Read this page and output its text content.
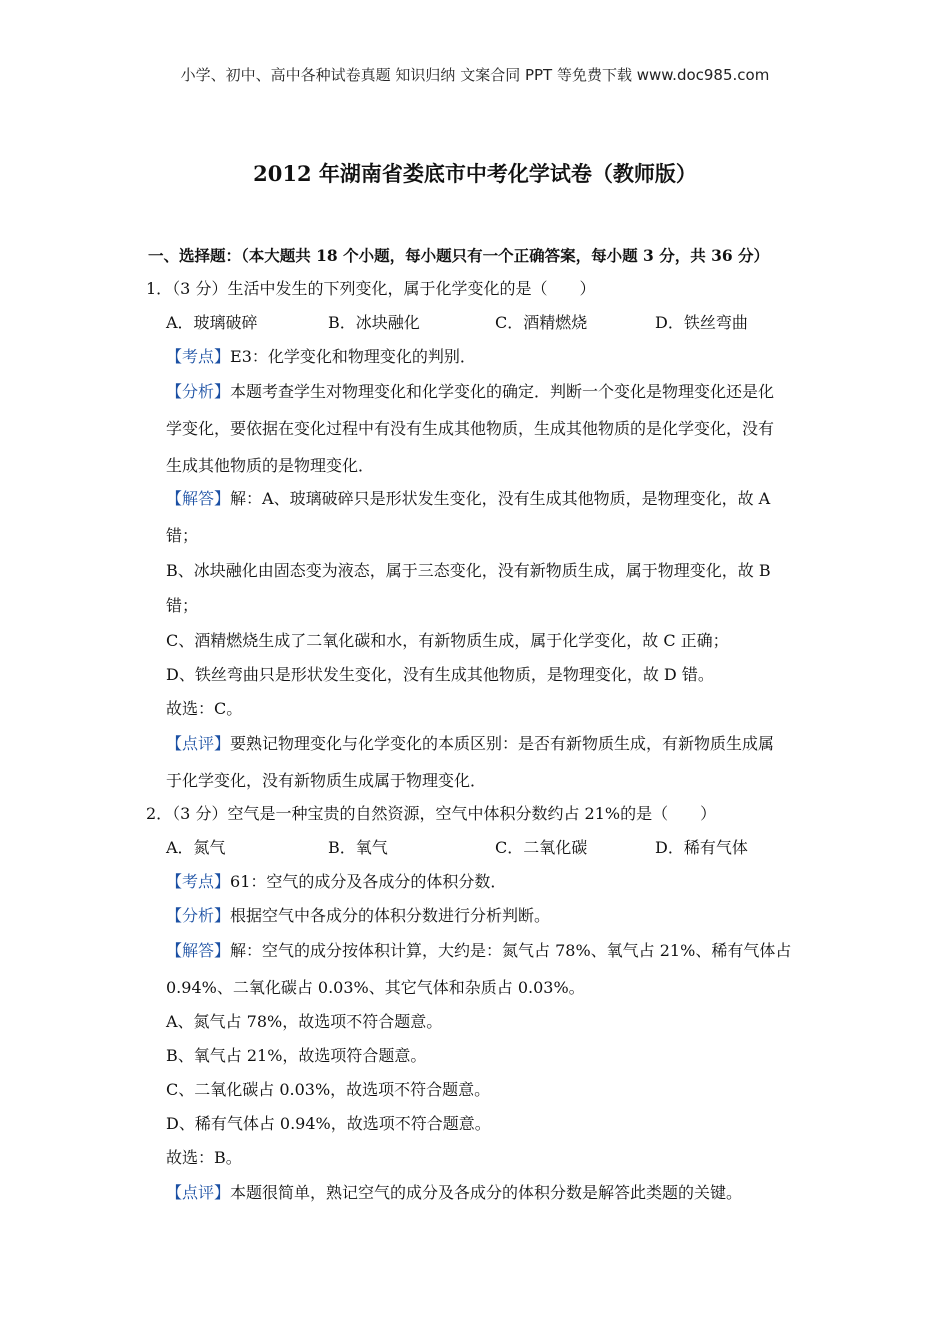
小学、初中、高中各种试卷真题 知识归纳 文案合同 PPT 等免费下载 www.doc985.com
2012 年湖南省娄底市中考化学试卷（教师版）
一、选择题：（本大题共 18 个小题，每小题只有一个正确答案，每小题 3 分，共 36 分）
1．（3 分）生活中发生的下列变化，属于化学变化的是（　　）
A．玻璃破碎	B．冰块融化	C．酒精燃烧	D．铁丝弯曲
【考点】E3：化学变化和物理变化的判别．
【分析】本题考查学生对物理变化和化学变化的确定．判断一个变化是物理变化还是化
学变化，要依据在变化过程中有没有生成其他物质，生成其他物质的是化学变化，没有
生成其他物质的是物理变化．
【解答】解：A、玻璃破碎只是形状发生变化，没有生成其他物质，是物理变化，故 A
错；
B、冰块融化由固态变为液态，属于三态变化，没有新物质生成，属于物理变化，故 B
错；
C、酒精燃烧生成了二氧化碳和水，有新物质生成，属于化学变化，故 C 正确；
D、铁丝弯曲只是形状发生变化，没有生成其他物质，是物理变化，故 D 错。
故选：C。
【点评】要熟记物理变化与化学变化的本质区别：是否有新物质生成，有新物质生成属
于化学变化，没有新物质生成属于物理变化．
2．（3 分）空气是一种宝贵的自然资源，空气中体积分数约占 21%的是（　　）
A．氮气	B．氧气	C．二氧化碳	D．稀有气体
【考点】61：空气的成分及各成分的体积分数．
【分析】根据空气中各成分的体积分数进行分析判断。
【解答】解：空气的成分按体积计算，大约是：氮气占 78%、氧气占 21%、稀有气体占
0.94%、二氧化碳占 0.03%、其它气体和杂质占 0.03%。
A、氮气占 78%，故选项不符合题意。
B、氧气占 21%，故选项符合题意。
C、二氧化碳占 0.03%，故选项不符合题意。
D、稀有气体占 0.94%，故选项不符合题意。
故选：B。
【点评】本题很简单，熟记空气的成分及各成分的体积分数是解答此类题的关键。
